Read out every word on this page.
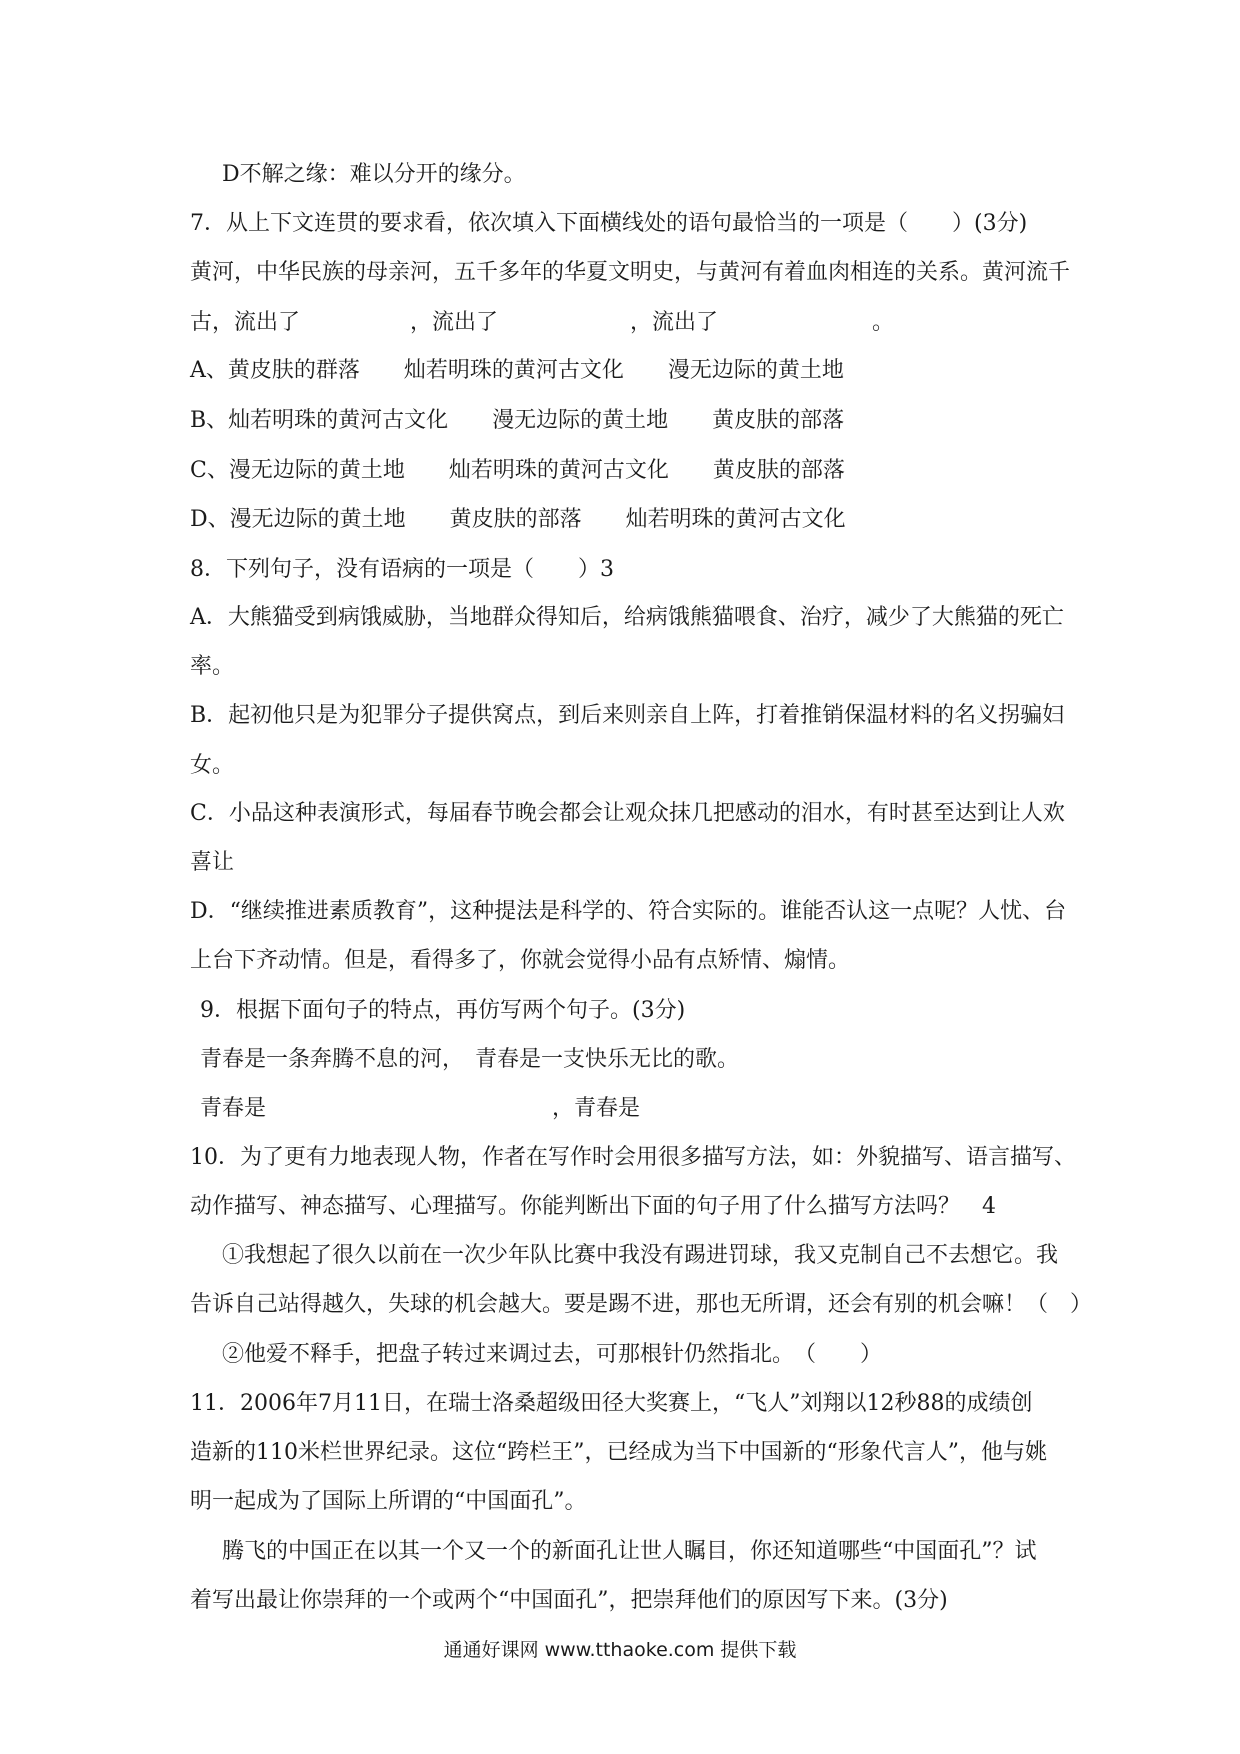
D不解之缘：难以分开的缘分。
7．从上下文连贯的要求看，依次填入下面横线处的语句最恰当的一项是（　　）(3分)
黄河，中华民族的母亲河，五千多年的华夏文明史，与黄河有着血肉相连的关系。黄河流千
古，流出了　　　　　，流出了　　　　　　，流出了　　　　　　　。
A、黄皮肤的群落　　灿若明珠的黄河古文化　　漫无边际的黄土地
B、灿若明珠的黄河古文化　　漫无边际的黄土地　　黄皮肤的部落
C、漫无边际的黄土地　　灿若明珠的黄河古文化　　黄皮肤的部落
D、漫无边际的黄土地　　黄皮肤的部落　　灿若明珠的黄河古文化
8．下列句子，没有语病的一项是（　　）3
A．大熊猫受到病饿威胁，当地群众得知后，给病饿熊猫喂食、治疗，减少了大熊猫的死亡
率。
B．起初他只是为犯罪分子提供窝点，到后来则亲自上阵，打着推销保温材料的名义拐骗妇
女。
C．小品这种表演形式，每届春节晚会都会让观众抹几把感动的泪水，有时甚至达到让人欢
喜让
D．“继续推进素质教育”，这种提法是科学的、符合实际的。谁能否认这一点呢？人忧、台
上台下齐动情。但是，看得多了，你就会觉得小品有点矫情、煽情。
9．根据下面句子的特点，再仿写两个句子。(3分)
青春是一条奔腾不息的河，　青春是一支快乐无比的歌。
青春是　　　　　　　　　　　　　，青春是
10．为了更有力地表现人物，作者在写作时会用很多描写方法，如：外貌描写、语言描写、
动作描写、神态描写、心理描写。你能判断出下面的句子用了什么描写方法吗？　4
①我想起了很久以前在一次少年队比赛中我没有踢进罚球，我又克制自己不去想它。我
告诉自己站得越久，失球的机会越大。要是踢不进，那也无所谓，还会有别的机会嘛！（　）
②他爱不释手，把盘子转过来调过去，可那根针仍然指北。　（　　）
11．2006年7月11日，在瑞士洛桑超级田径大奖赛上，“飞人”刘翔以12秒88的成绩创
造新的110米栏世界纪录。这位“跨栏王”，已经成为当下中国新的“形象代言人”，他与姚
明一起成为了国际上所谓的“中国面孔”。
腾飞的中国正在以其一个又一个的新面孔让世人瞩目，你还知道哪些“中国面孔”？试
着写出最让你崇拜的一个或两个“中国面孔”，把崇拜他们的原因写下来。(3分)
通通好课网 www.tthaoke.com 提供下载
